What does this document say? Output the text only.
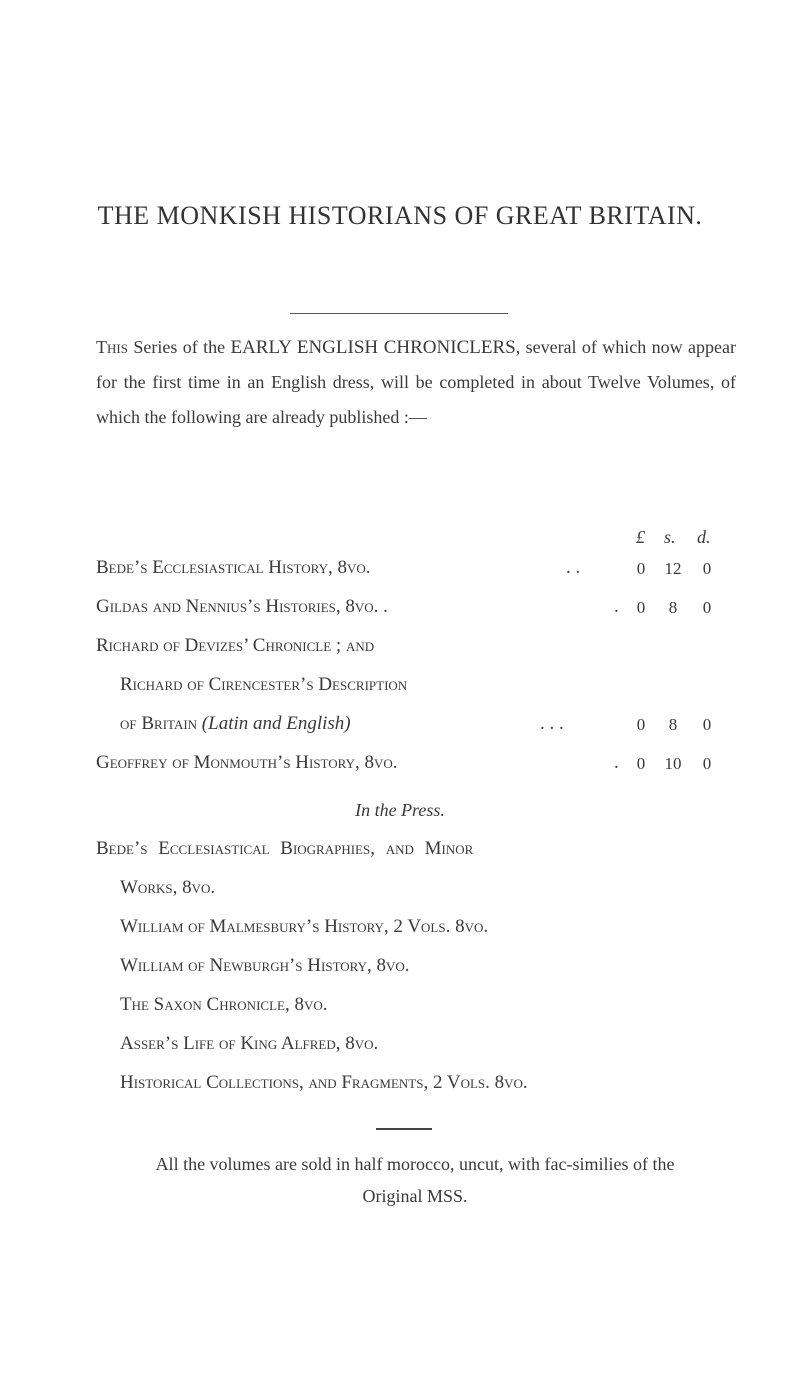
THE MONKISH HISTORIANS OF GREAT BRITAIN.
This Series of the EARLY ENGLISH CHRONICLERS, several of which now appear for the first time in an English dress, will be completed in about Twelve Volumes, of which the following are already published :—
£ s. d.
Bede’s Ecclesiastical History, 8vo.	. .	0	12	0
Gildas and Nennius’s Histories, 8vo. .	.	0	8	0
Richard of Devizes’ Chronicle ; and
Richard of Cirencester’s Description
of Britain (Latin and English)	. . .	0	8	0
Geoffrey of Monmouth’s History, 8vo.	.	0	10	0
In the Press.
Bede’s Ecclesiastical Biographies, and Minor
Works, 8vo.
William of Malmesbury’s History, 2 Vols. 8vo.
William of Newburgh’s History, 8vo.
The Saxon Chronicle, 8vo.
Asser’s Life of King Alfred, 8vo.
Historical Collections, and Fragments, 2 Vols. 8vo.
All the volumes are sold in half morocco, uncut, with fac-similies of the Original MSS.
